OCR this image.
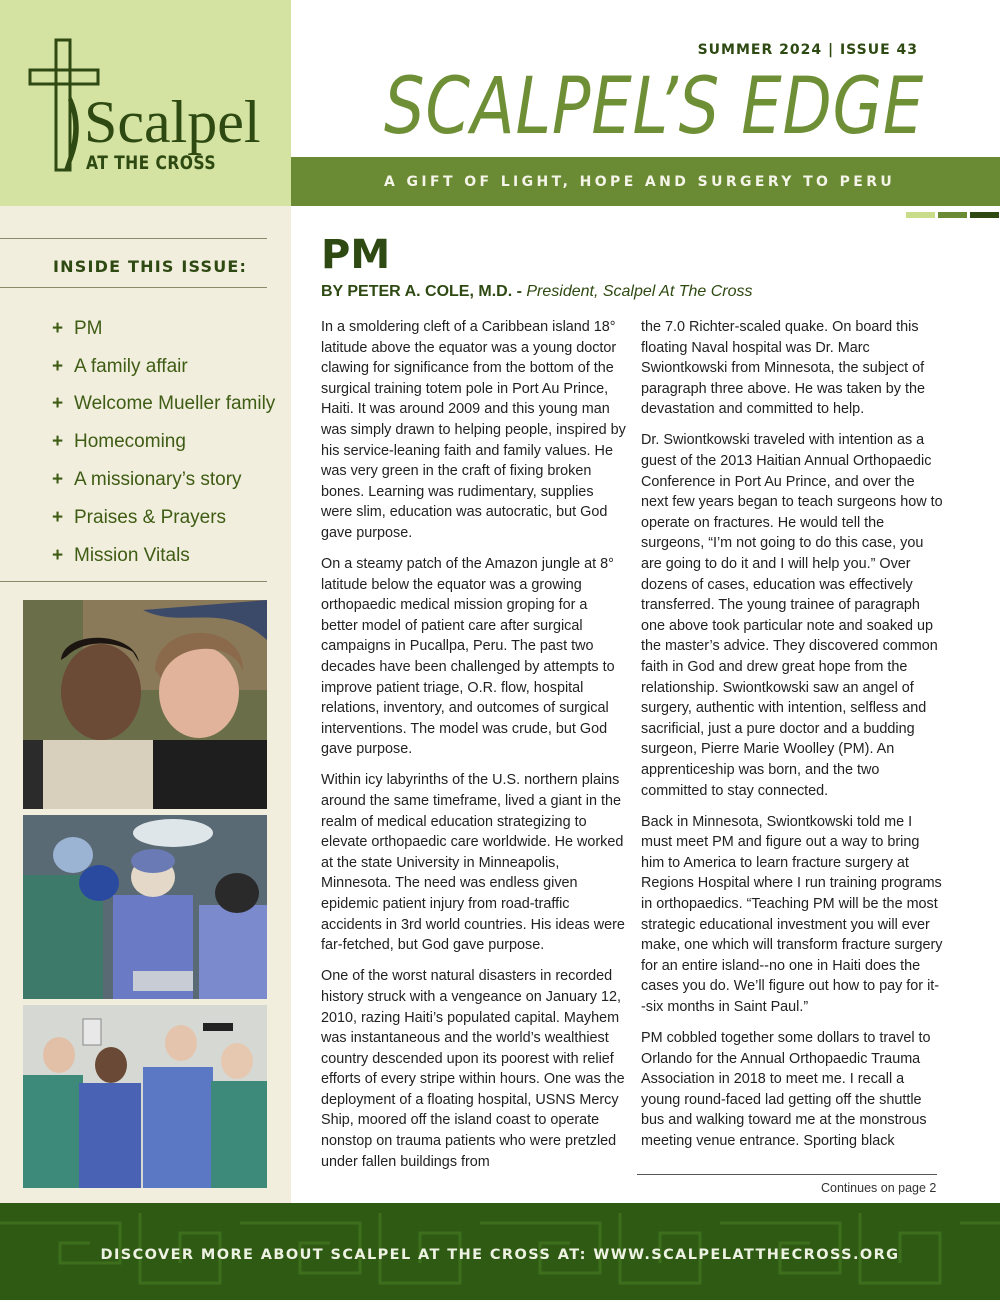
Scalpel
AT THE CROSS
INSIDE THIS ISSUE:
+ PM
+ A family affair
+ Welcome Mueller family
+ Homecoming
+ A missionary’s story
+ Praises & Prayers
+ Mission Vitals
SUMMER 2024 | ISSUE 43
SCALPEL’S EDGE
A GIFT OF LIGHT, HOPE AND SURGERY TO PERU
PM
BY PETER A. COLE, M.D. - President, Scalpel At The Cross

In a smoldering cleft of a Caribbean island 18° latitude above the equator was a young doctor clawing for significance from the bottom of the surgical training totem pole in Port Au Prince, Haiti. It was around 2009 and this young man was simply drawn to helping people, inspired by his service-leaning faith and family values. He was very green in the craft of fixing broken bones. Learning was rudimentary, supplies were slim, education was autocratic, but God gave purpose.

On a steamy patch of the Amazon jungle at 8° latitude below the equator was a growing orthopaedic medical mission groping for a better model of patient care after surgical campaigns in Pucallpa, Peru. The past two decades have been challenged by attempts to improve patient triage, O.R. flow, hospital relations, inventory, and outcomes of surgical interventions. The model was crude, but God gave purpose.

Within icy labyrinths of the U.S. northern plains around the same timeframe, lived a giant in the realm of medical education strategizing to elevate orthopaedic care worldwide. He worked at the state University in Minneapolis, Minnesota. The need was endless given epidemic patient injury from road-traffic accidents in 3rd world countries. His ideas were far-fetched, but God gave purpose.

One of the worst natural disasters in recorded history struck with a vengeance on January 12, 2010, razing Haiti’s populated capital. Mayhem was instantaneous and the world’s wealthiest country descended upon its poorest with relief efforts of every stripe within hours. One was the deployment of a floating hospital, USNS Mercy Ship, moored off the island coast to operate nonstop on trauma patients who were pretzled under fallen buildings from

the 7.0 Richter-scaled quake. On board this floating Naval hospital was Dr. Marc Swiontkowski from Minnesota, the subject of paragraph three above. He was taken by the devastation and committed to help.

Dr. Swiontkowski traveled with intention as a guest of the 2013 Haitian Annual Orthopaedic Conference in Port Au Prince, and over the next few years began to teach surgeons how to operate on fractures. He would tell the surgeons, “I’m not going to do this case, you are going to do it and I will help you.” Over dozens of cases, education was effectively transferred. The young trainee of paragraph one above took particular note and soaked up the master’s advice. They discovered common faith in God and drew great hope from the relationship. Swiontkowski saw an angel of surgery, authentic with intention, selfless and sacrificial, just a pure doctor and a budding surgeon, Pierre Marie Woolley (PM). An apprenticeship was born, and the two committed to stay connected.

Back in Minnesota, Swiontkowski told me I must meet PM and figure out a way to bring him to America to learn fracture surgery at Regions Hospital where I run training programs in orthopaedics. “Teaching PM will be the most strategic educational investment you will ever make, one which will transform fracture surgery for an entire island--no one in Haiti does the cases you do. We’ll figure out how to pay for it--six months in Saint Paul.”

PM cobbled together some dollars to travel to Orlando for the Annual Orthopaedic Trauma Association in 2018 to meet me. I recall a young round-faced lad getting off the shuttle bus and walking toward me at the monstrous meeting venue entrance. Sporting black

Continues on page 2
DISCOVER MORE ABOUT SCALPEL AT THE CROSS AT: WWW.SCALPELATTHECROSS.ORG
